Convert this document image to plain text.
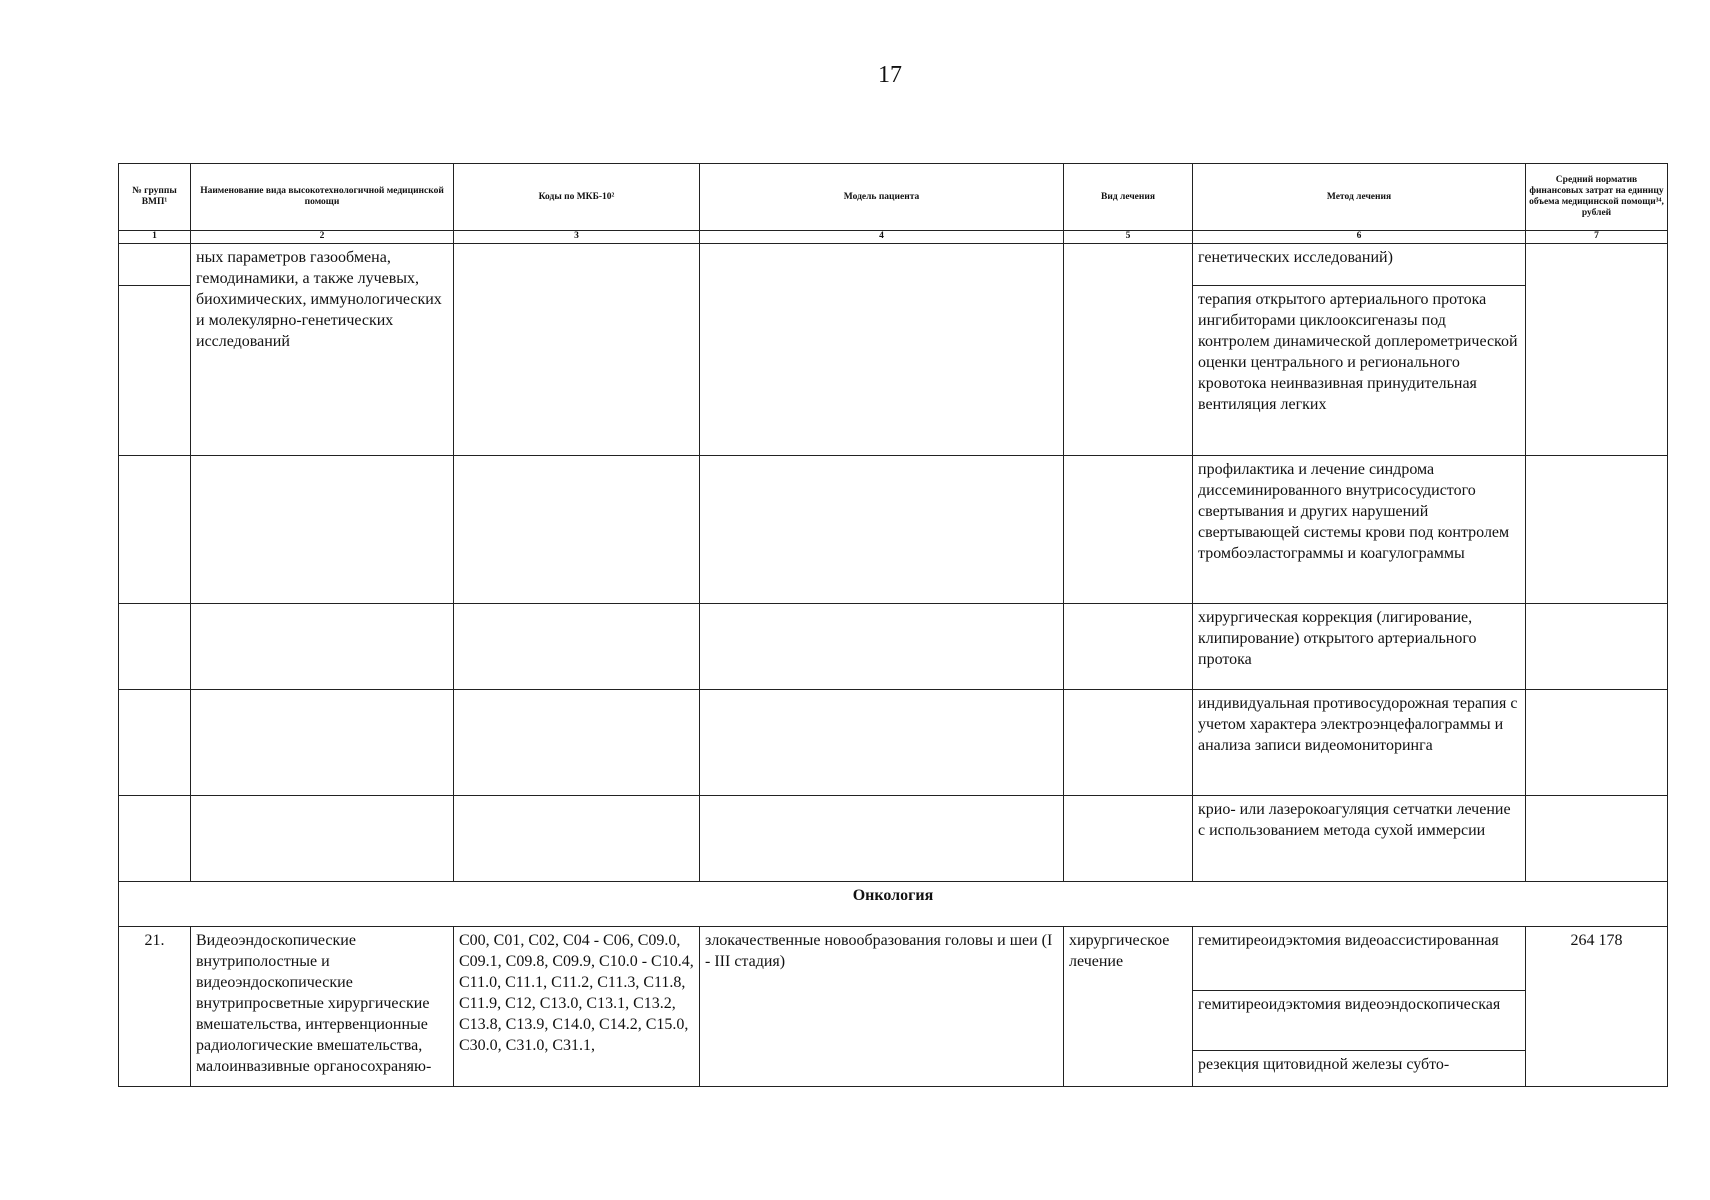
17
№ группы ВМП¹	Наименование вида высокотехнологичной медицинской помощи	Коды по МКБ-10²	Модель пациента	Вид лечения	Метод лечения	Средний норматив финансовых затрат на единицу объема медицинской помощи³⁴, рублей
1	2	3	4	5	6	7
	ных параметров газообмена, гемодинамики, а также лучевых, биохимических, иммунологических и молекулярно-генетических исследований				генетических исследований)	
					терапия открытого артериального протока ингибиторами циклооксигеназы под контролем динамической доплерометрической оценки центрального и регионального кровотока неинвазивная принудительная вентиляция легких	
					профилактика и лечение синдрома диссеминированного внутрисосудистого свертывания и других нарушений свертывающей системы крови под контролем тромбоэластограммы и коагулограммы	
					хирургическая коррекция (лигирование, клипирование) открытого артериального протока	
					индивидуальная противосудорожная терапия с учетом характера электроэнцефалограммы и анализа записи видеомониторинга	
					крио- или лазерокоагуляция сетчатки лечение с использованием метода сухой иммерсии	
Онкология						
21.	Видеоэндоскопические внутриполостные и видеоэндоскопические внутрипросветные хирургические вмешательства, интервенционные радиологические вмешательства, малоинвазивные органосохраняю-	C00, C01, C02, C04 - C06, C09.0, C09.1, C09.8, C09.9, C10.0 - C10.4, C11.0, C11.1, C11.2, C11.3, C11.8, C11.9, C12, C13.0, C13.1, C13.2, C13.8, C13.9, C14.0, C14.2, C15.0, C30.0, C31.0, C31.1,	злокачественные новообразования головы и шеи (I - III стадия)	хирургическое лечение	гемитиреоидэктомия видеоассистированная	264 178
					гемитиреоидэктомия видеоэндоскопическая	
					резекция щитовидной железы субто-	
